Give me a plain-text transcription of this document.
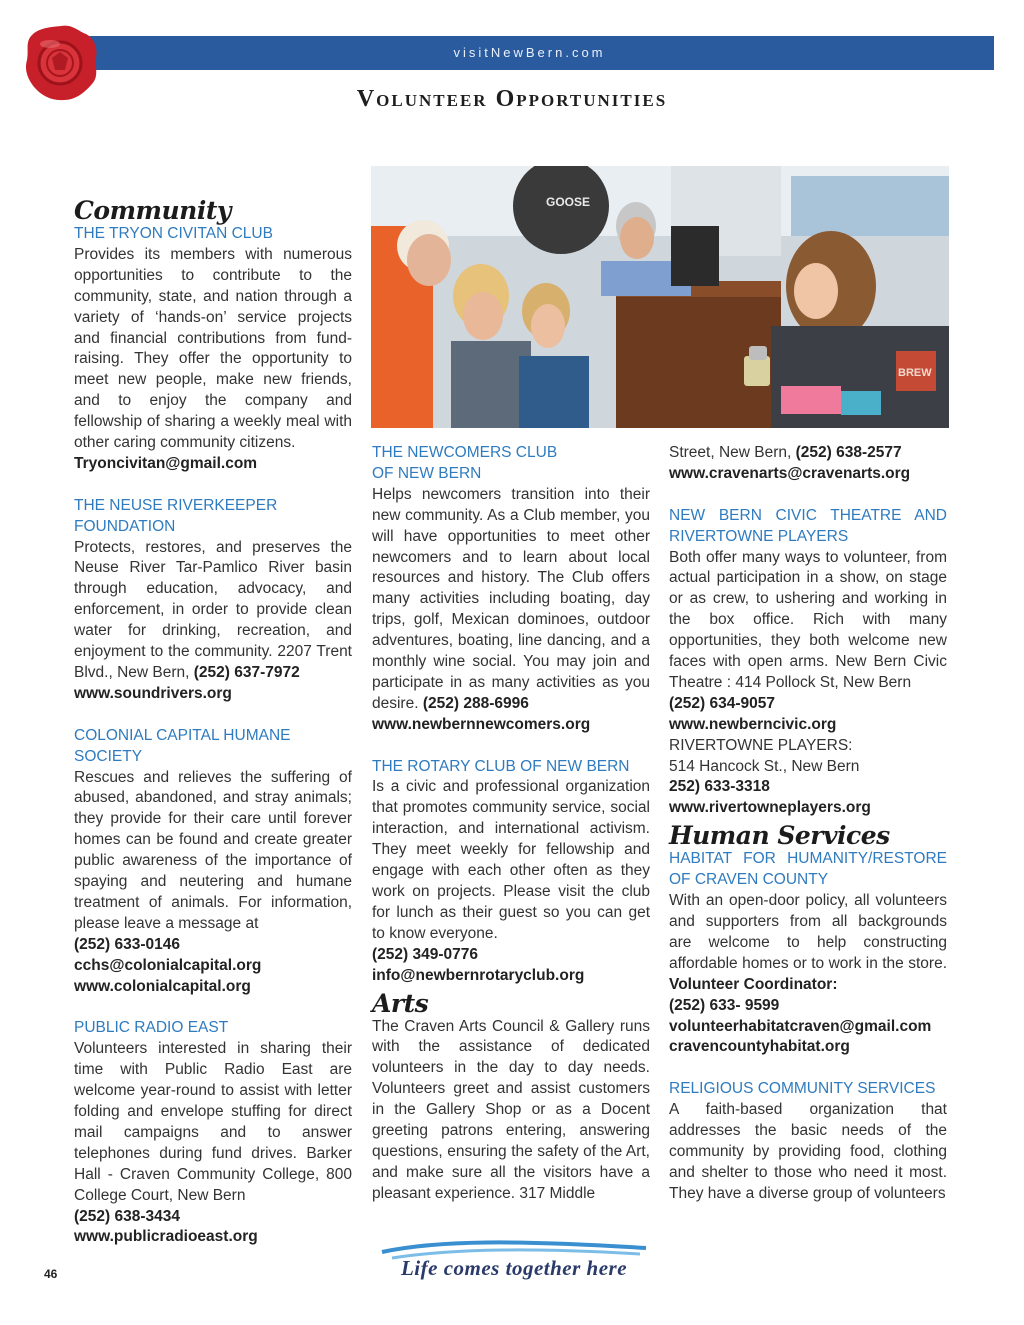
visitNewBern.com
Volunteer Opportunities
Community

THE TRYON CIVITAN CLUB

Provides its members with numerous opportunities to contribute to the community, state, and nation through a variety of ‘hands-on’ service projects and financial contributions from fund-raising. They offer the opportunity to meet new people, make new friends, and to enjoy the company and fellowship of sharing a weekly meal with other caring community citizens.

Tryoncivitan@gmail.com

THE NEUSE RIVERKEEPER

FOUNDATION

Protects, restores, and preserves the Neuse River Tar-Pamlico River basin through education, advocacy, and enforcement, in order to provide clean water for drinking, recreation, and enjoyment to the community. 2207 Trent Blvd., New Bern, (252) 637-7972

www.soundrivers.org

COLONIAL CAPITAL HUMANE

SOCIETY

Rescues and relieves the suffering of abused, abandoned, and stray animals; they provide for their care until forever homes can be found and create greater public awareness of the importance of spaying and neutering and humane treatment of animals. For information, please leave a message at

(252) 633-0146

cchs@colonialcapital.org

www.colonialcapital.org

PUBLIC RADIO EAST

Volunteers interested in sharing their time with Public Radio East are welcome year-round to assist with letter folding and envelope stuffing for direct mail campaigns and to answer telephones during fund drives. Barker Hall - Craven Community College, 800 College Court, New Bern

(252) 638-3434

www.publicradioeast.org

GOOSE
BREW

THE NEWCOMERS CLUB

OF NEW BERN

Helps newcomers transition into their new community. As a Club member, you will have opportunities to meet other newcomers and to learn about local resources and history. The Club offers many activities including boating, day trips, golf, Mexican dominoes, outdoor adventures, boating, line dancing, and a monthly wine social. You may join and participate in as many activities as you desire. (252) 288-6996

www.newbernnewcomers.org

THE ROTARY CLUB OF NEW BERN

Is a civic and professional organization that promotes community service, social interaction, and international activism. They meet weekly for fellowship and engage with each other often as they work on projects. Please visit the club for lunch as their guest so you can get to know everyone.

(252) 349-0776

info@newbernrotaryclub.org

Arts

The Craven Arts Council & Gallery runs with the assistance of dedicated volunteers in the day to day needs. Volunteers greet and assist customers in the Gallery Shop or as a Docent greeting patrons entering, answering questions, ensuring the safety of the Art, and make sure all the visitors have a pleasant experience. 317 Middle

Street, New Bern, (252) 638-2577

www.cravenarts@cravenarts.org

NEW BERN CIVIC THEATRE AND RIVERTOWNE PLAYERS

Both offer many ways to volunteer, from actual participation in a show, on stage or as crew, to ushering and working in the box office. Rich with many opportunities, they both welcome new faces with open arms. New Bern Civic Theatre : 414 Pollock St, New Bern

(252) 634-9057

www.newberncivic.org

RIVERTOWNE PLAYERS:

514 Hancock St., New Bern

252) 633-3318

www.rivertowneplayers.org

Human Services

HABITAT FOR HUMANITY/RESTORE OF CRAVEN COUNTY

With an open-door policy, all volunteers and supporters from all backgrounds are welcome to help constructing affordable homes or to work in the store. Volunteer Coordinator:

(252) 633- 9599

volunteerhabitatcraven@gmail.com

cravencountyhabitat.org

RELIGIOUS COMMUNITY SERVICES

A faith-based organization that addresses the basic needs of the community by providing food, clothing and shelter to those who need it most. They have a diverse group of volunteers

46	Life comes together here
